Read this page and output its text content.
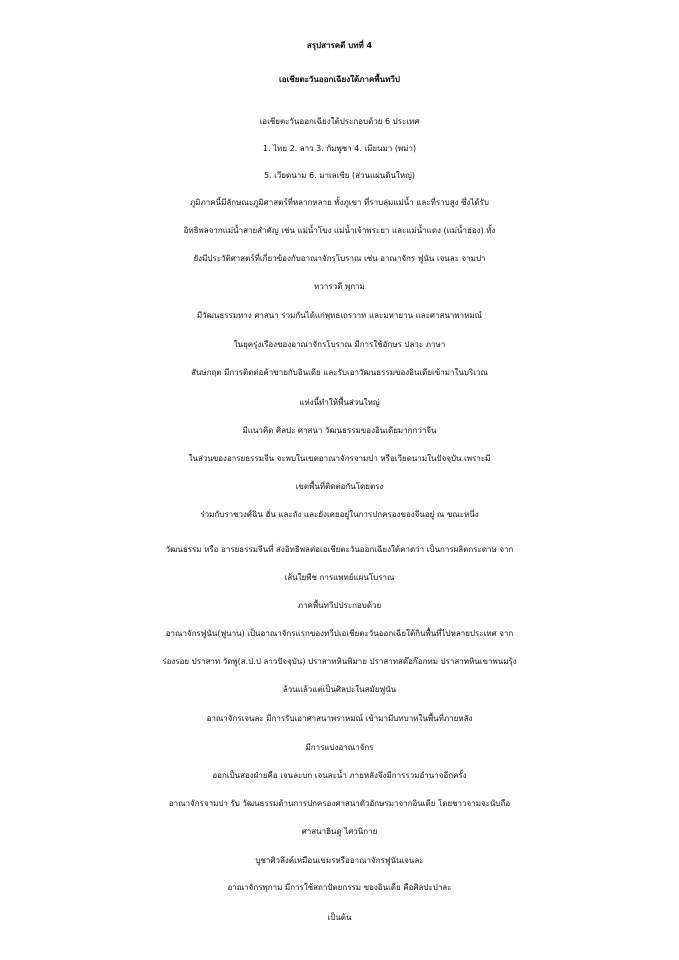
สรุปสารคดี บทที่ 4
เอเชียตะวันออกเฉียงใต้ภาคพื้นทวีป
เอเชียตะวันออกเฉียงใต้ประกอบด้วย 6 ประเทศ
1. ไทย 2. ลาว 3. กัมพูชา 4. เมียนมา (พม่า)
5. เวียดนาม 6. มาเลเซีย (ส่วนแผ่นดินใหญ่)
ภูมิภาคนี้มีลักษณะภูมิศาสตร์ที่หลากหลาย ทั้งภูเขา ที่ราบลุ่มแม่น้ำ และที่ราบสูง ซึ่งได้รับ
อิทธิพลจากแม่น้ำสายสำคัญ เช่น แม่น้ำโขง แม่น้ำเจ้าพระยา และแม่น้ำแดง (แม่น้ำฮ่อง) ทั้ง
ยังมีประวัติศาสตร์ที่เกี่ยวข้องกับอาณาจักรโบราณ เช่น อาณาจักร ฟูนัน เจนละ จามปา
ทวารวดี พุกาม
มีวัฒนธรรมทาง ศาสนา ร่วมกันได้แก่พุทธเถรวาท และมหายาน และศาสนาพาหมณ์
ในยุครุ่งเรืองของอาณาจักรโบราณ มีการใช้อักษร ปลวะ ภาษา
สันษกฤต มีการติดต่อค้าขายกับอินเดีย และรับเอาวัฒนธรรมของอินเดียเข้ามาในบริเวณ
แห่งนี้ทำให้พื้นส่วนใหญ่
มีแนวคิด ศิลปะ ศาสนา วัฒนธรรมของอินเดียมากกว่าจีน
ในส่วนของอารยธรรมจีน จะพบในเขตอาณาจักรจามปา หรือเวียดนามในปัจจุบัน เพราะมี
เขตพื้นที่ติดต่อกันโดยตรง
ร่วมกับราชวงศ์ฉิน ฮั่น และถัง และยังเคยอยู่ในการปกครองของจีนอยู่ ณ ขณะหนึ่ง
วัฒนธรรม หรือ อารยธรรมจีนที่ ส่งอิทธิพลต่อเอเชียตะวันออกเฉียงใต้คาดว่า เป็นการผลิตกระดาษ จาก
เส้นใยพืช การแพทย์แผนโบราณ
ภาคพื้นทวีปประกอบด้วย
อาณาจักรฟูนัน(ฟูนาน) เป็นอาณาจักรแรกของทวีปเอเชียตะวันออกเฉียใต้กินพื้นที่ไปหลายประเทศ จาก
ร่องรอย ปราสาท วัดพู(ส.ป.ป ลาวปัจจุบัน) ปราสาทหินพิมาย ปราสาทสด๊อก๊อกทม ปราสาทหินเขาพนมรุ้ง
ล้วนแล้วแต่เป็นศิลปะในสมัยฟูนัน
อาณาจักรเจนละ มีการรับเอาศาสนาพราหมณ์ เข้ามามีบทบาทในพื้นที่ภายหลัง
มีการแบ่งอาณาจักร
ออกเป็นสองฝ่ายคือ เจนละบก เจนละน้ำ ภายหลังจึงมีการรวมอำนาจอีกครั้ง
อาณาจักรจามปา รับ วัฒนธรรมด้านการปกครองศาสนาตัวอักษรมาจากอินเดีย โดยชาวจามจะนับถือ
ศาสนาฮินดู ไศวนิกาย
บูชาศิวลึงค์เหมือนเขมรหรืออาณาจักรฟูนันเจนละ
อาณาจักรพุกาม มีการใช้สถาปัตยกรรม ของอินเดีย คือศิลปะปาละ
เป็นต้น
